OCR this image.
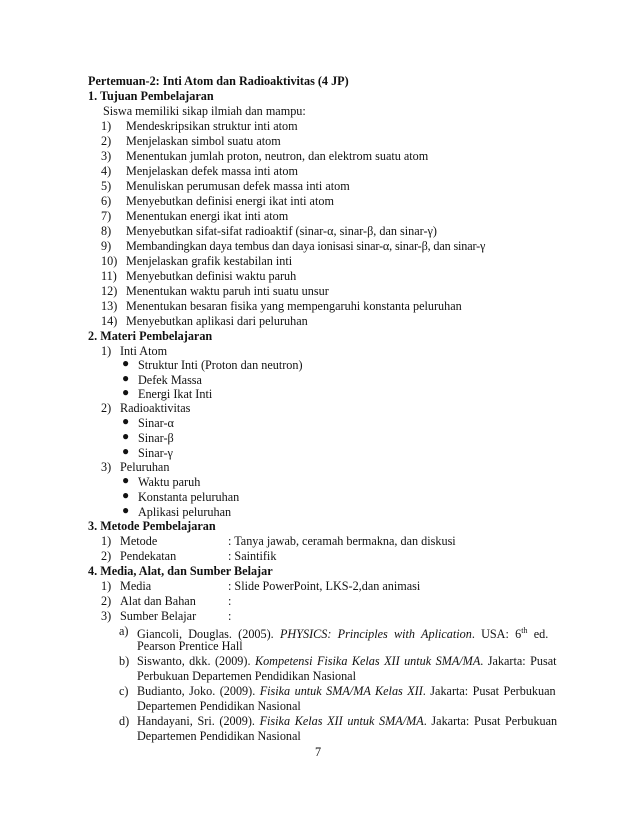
Pertemuan-2: Inti Atom dan Radioaktivitas (4 JP)
1. Tujuan Pembelajaran
Siswa memiliki sikap ilmiah dan mampu:
1) Mendeskripsikan struktur inti atom
2) Menjelaskan simbol suatu atom
3) Menentukan jumlah proton, neutron, dan elektrom suatu atom
4) Menjelaskan defek massa inti atom
5) Menuliskan perumusan defek massa inti atom
6) Menyebutkan definisi energi ikat inti atom
7) Menentukan energi ikat inti atom
8) Menyebutkan sifat-sifat radioaktif (sinar-α, sinar-β, dan sinar-γ)
9) Membandingkan daya tembus dan daya ionisasi sinar-α, sinar-β, dan sinar-γ
10) Menjelaskan grafik kestabilan inti
11) Menyebutkan definisi waktu paruh
12) Menentukan waktu paruh inti suatu unsur
13) Menentukan besaran fisika yang mempengaruhi konstanta peluruhan
14) Menyebutkan aplikasi dari peluruhan
2. Materi Pembelajaran
1) Inti Atom
● Struktur Inti (Proton dan neutron)
● Defek Massa
● Energi Ikat Inti
2) Radioaktivitas
● Sinar-α
● Sinar-β
● Sinar-γ
3) Peluruhan
● Waktu paruh
● Konstanta peluruhan
● Aplikasi peluruhan
3. Metode Pembelajaran
1) Metode	: Tanya jawab, ceramah bermakna, dan diskusi
2) Pendekatan	: Saintifik
4. Media, Alat, dan Sumber Belajar
1) Media	: Slide PowerPoint, LKS-2,dan animasi
2) Alat dan Bahan	:
3) Sumber Belajar	:
a) Giancoli, Douglas. (2005). PHYSICS: Principles with Aplication. USA: 6th ed.
Pearson Prentice Hall
b) Siswanto, dkk. (2009). Kompetensi Fisika Kelas XII untuk SMA/MA. Jakarta: Pusat
Perbukuan Departemen Pendidikan Nasional
c) Budianto, Joko. (2009). Fisika untuk SMA/MA Kelas XII. Jakarta: Pusat Perbukuan
Departemen Pendidikan Nasional
d) Handayani, Sri. (2009). Fisika Kelas XII untuk SMA/MA. Jakarta: Pusat Perbukuan
Departemen Pendidikan Nasional
7
